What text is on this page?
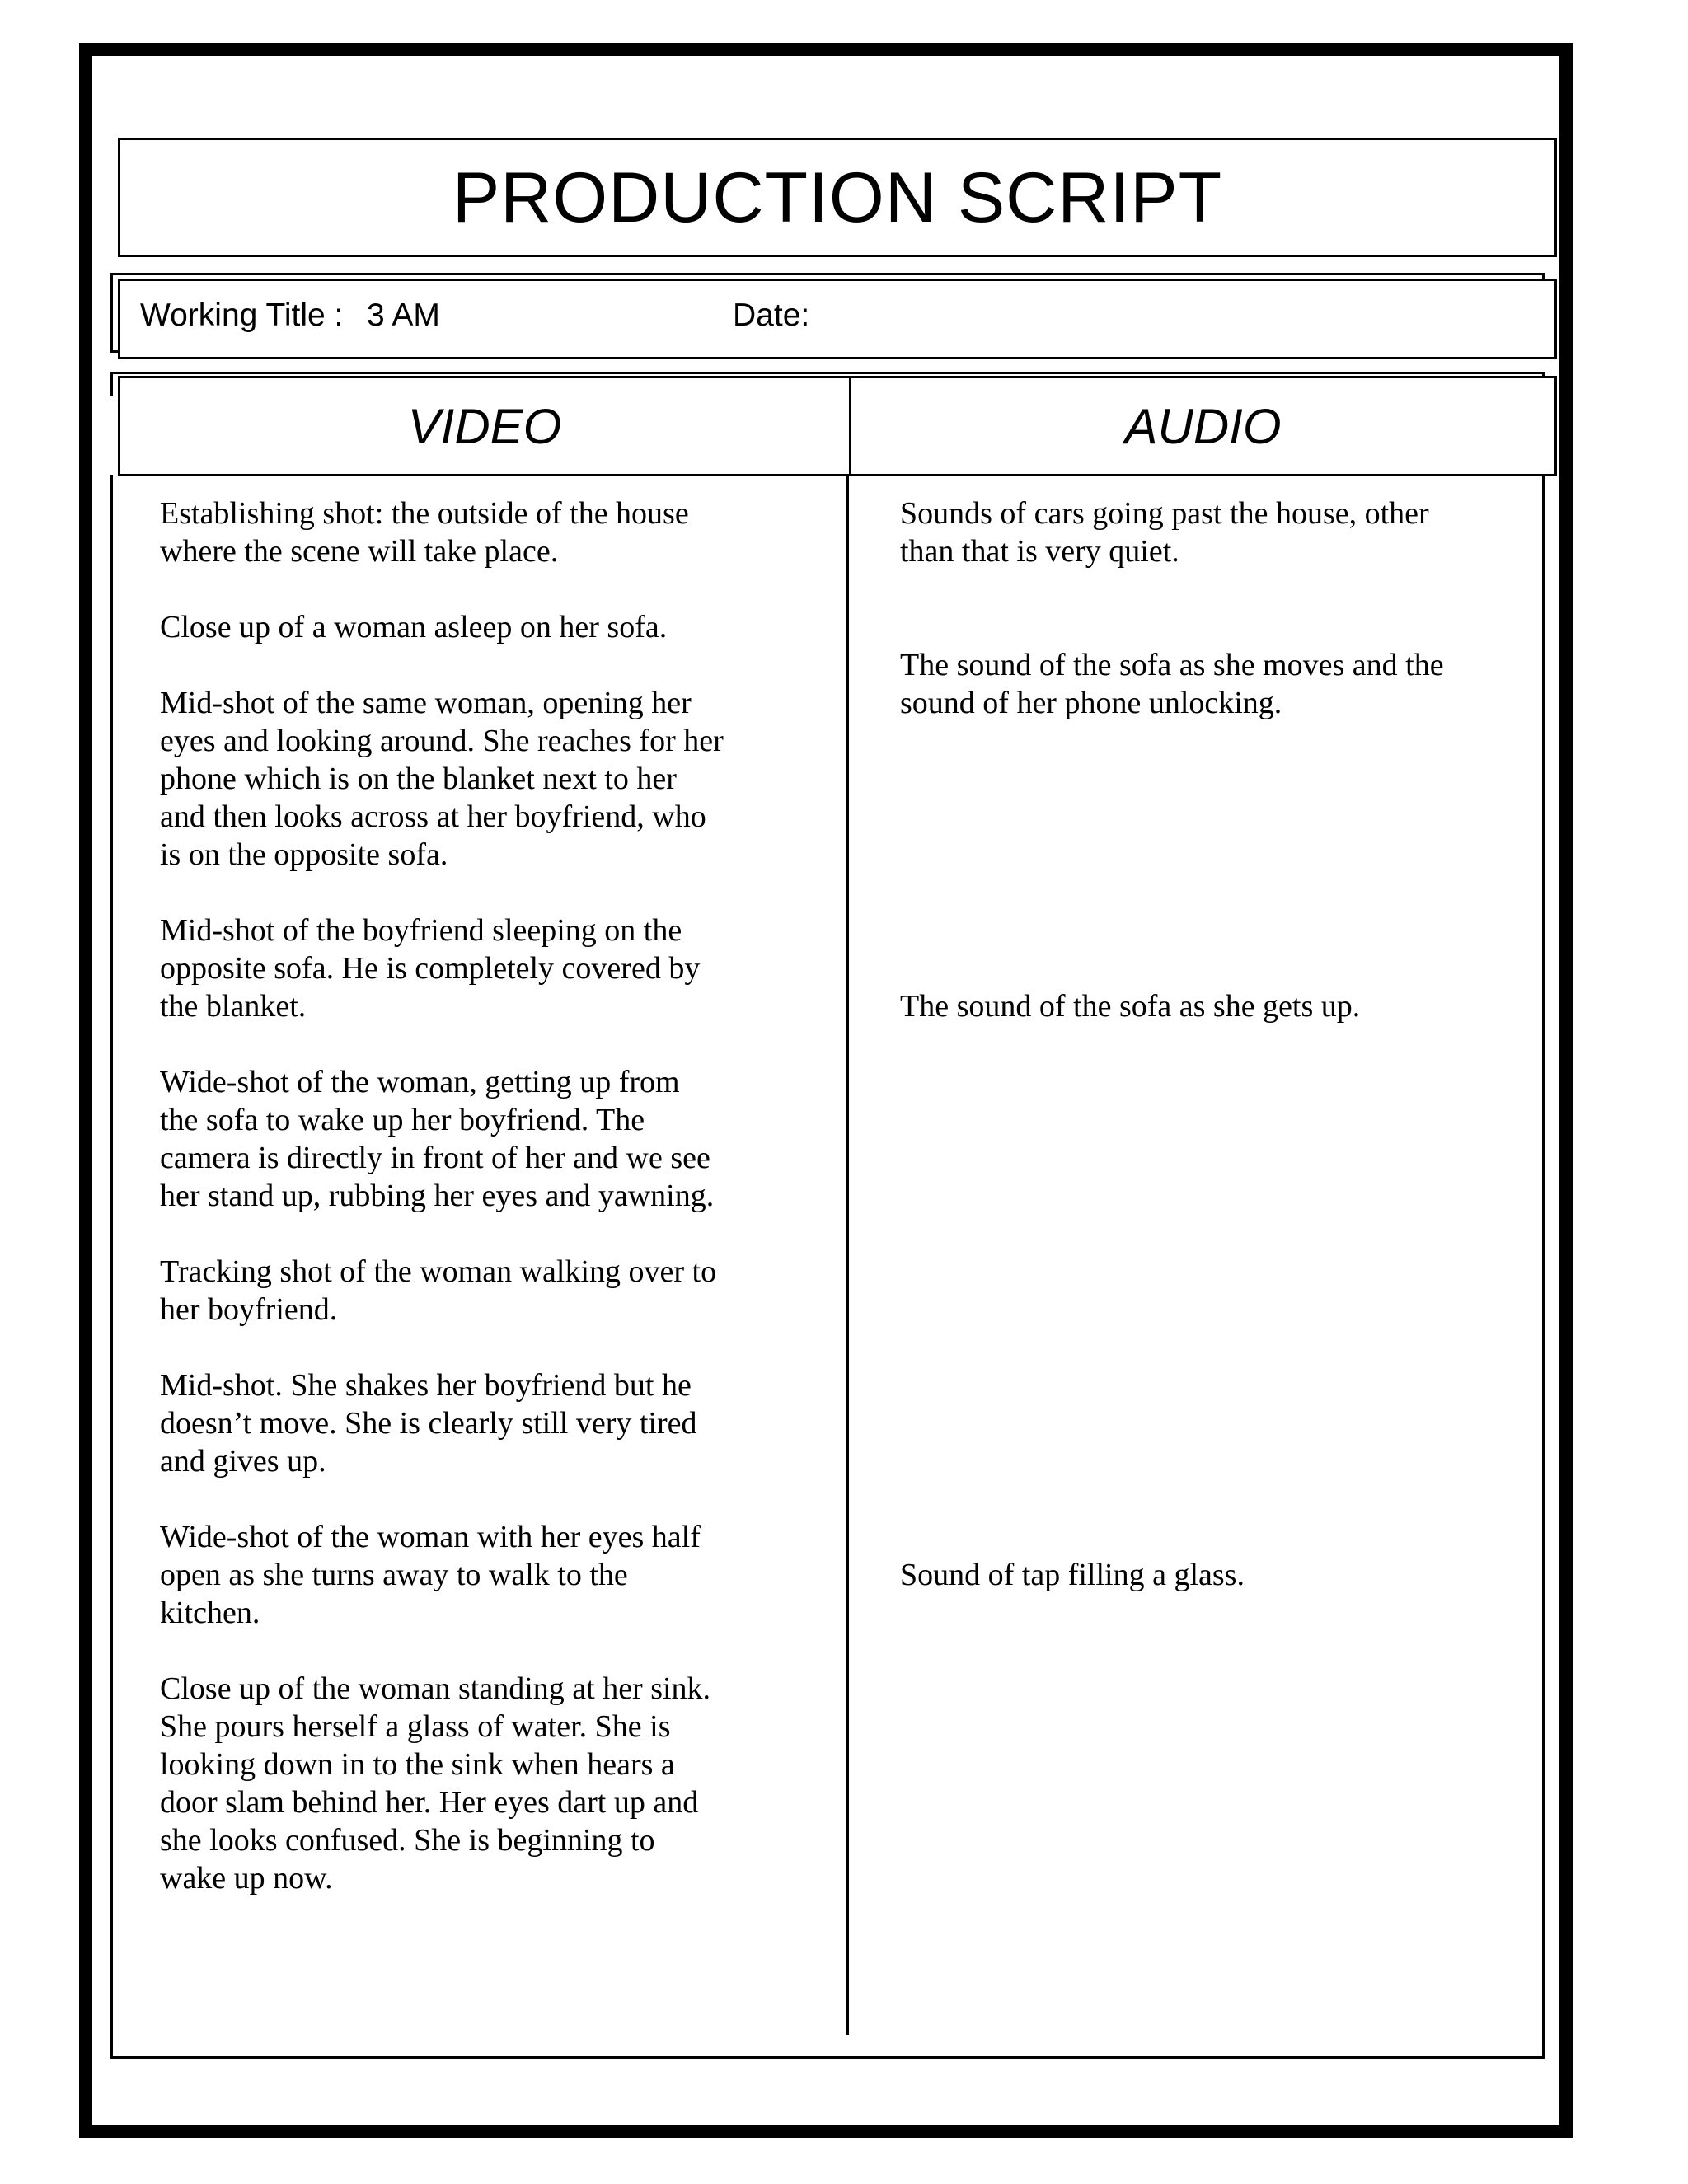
PRODUCTION SCRIPT
Working Title : 3 AM	Date:
VIDEO	AUDIO

Establishing shot: the outside of the house
where the scene will take place.

Close up of a woman asleep on her sofa.

Mid-shot of the same woman, opening her
eyes and looking around. She reaches for her
phone which is on the blanket next to her
and then looks across at her boyfriend, who
is on the opposite sofa.

Mid-shot of the boyfriend sleeping on the
opposite sofa. He is completely covered by
the blanket.

Wide-shot of the woman, getting up from
the sofa to wake up her boyfriend. The
camera is directly in front of her and we see
her stand up, rubbing her eyes and yawning.

Tracking shot of the woman walking over to
her boyfriend.

Mid-shot. She shakes her boyfriend but he
doesn’t move. She is clearly still very tired
and gives up.

Wide-shot of the woman with her eyes half
open as she turns away to walk to the
kitchen.

Close up of the woman standing at her sink.
She pours herself a glass of water. She is
looking down in to the sink when hears a
door slam behind her. Her eyes dart up and
she looks confused. She is beginning to
wake up now.

Sounds of cars going past the house, other
than that is very quiet.

The sound of the sofa as she moves and the
sound of her phone unlocking.

The sound of the sofa as she gets up.

Sound of tap filling a glass.
